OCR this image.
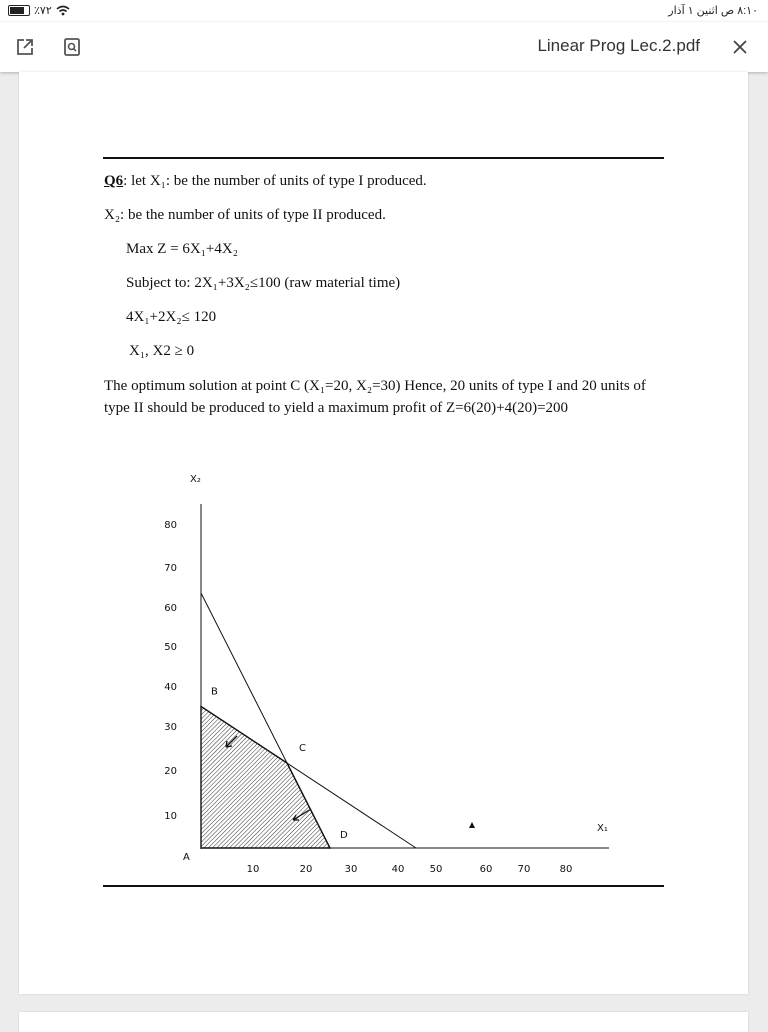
٪٧٢	٨:١٠ ص اثنين ١ آذار
Linear Prog Lec.2.pdf
Q6: let X₁: be the number of units of type I produced.
X₂: be the number of units of type II produced.
Max Z = 6X₁+4X₂
Subject to: 2X₁+3X₂≤100 (raw material time)
4X₁+2X₂≤ 120
X₁, X2 ≥ 0
The optimum solution at point C (X₁=20, X₂=30) Hence, 20 units of type I and 20 units of type II should be produced to yield a maximum profit of Z=6(20)+4(20)=200
10	20	30	40	50	60	70	80
10
20
30
40
50
60
70
80
A
B
C
D
X₁
X₂
